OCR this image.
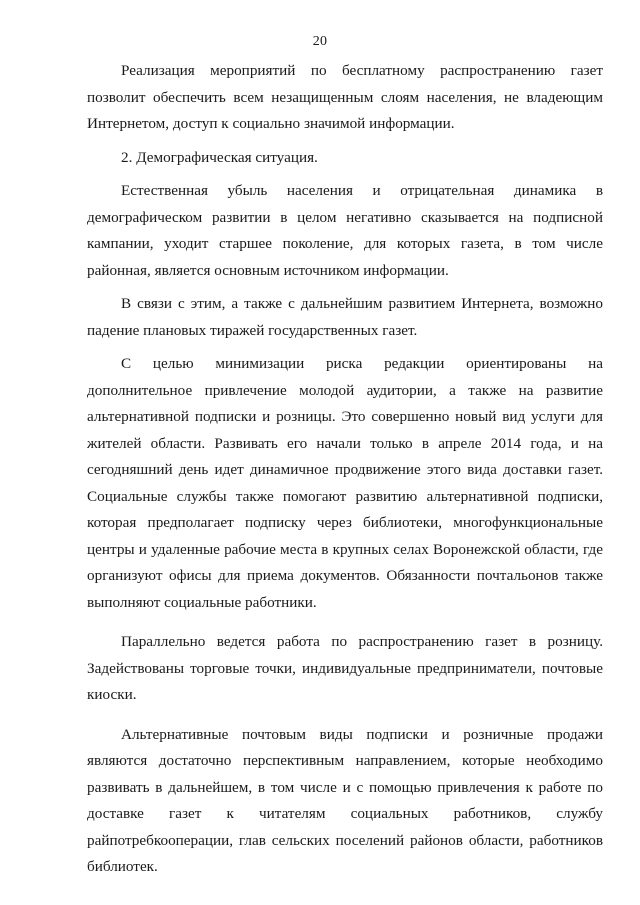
20
Реализация мероприятий по бесплатному распространению газет
позволит обеспечить всем незащищенным слоям населения, не владеющим
Интернетом, доступ к социально значимой информации.
2. Демографическая ситуация.
Естественная убыль населения и отрицательная динамика в
демографическом развитии в целом негативно сказывается на подписной
кампании, уходит старшее поколение, для которых газета, в том числе
районная, является основным источником информации.
В связи с этим, а также с дальнейшим развитием Интернета, возможно
падение плановых тиражей государственных газет.
С целью минимизации риска редакции ориентированы на
дополнительное привлечение молодой аудитории, а также на развитие
альтернативной подписки и розницы. Это совершенно новый вид услуги для
жителей области. Развивать его начали только в апреле 2014 года, и на
сегодняшний день идет динамичное продвижение этого вида доставки газет.
Социальные службы также помогают развитию альтернативной подписки,
которая предполагает подписку через библиотеки, многофункциональные
центры и удаленные рабочие места в крупных селах Воронежской области, где
организуют офисы для приема документов. Обязанности почтальонов также
выполняют социальные работники.
Параллельно ведется работа по распространению газет в розницу.
Задействованы торговые точки, индивидуальные предприниматели, почтовые
киоски.
Альтернативные почтовым виды подписки и розничные продажи
являются достаточно перспективным направлением, которые необходимо
развивать в дальнейшем, в том числе и с помощью привлечения к работе по
доставке газет к читателям социальных работников, службу
райпотребкооперации, глав сельских поселений районов области, работников
библиотек.
